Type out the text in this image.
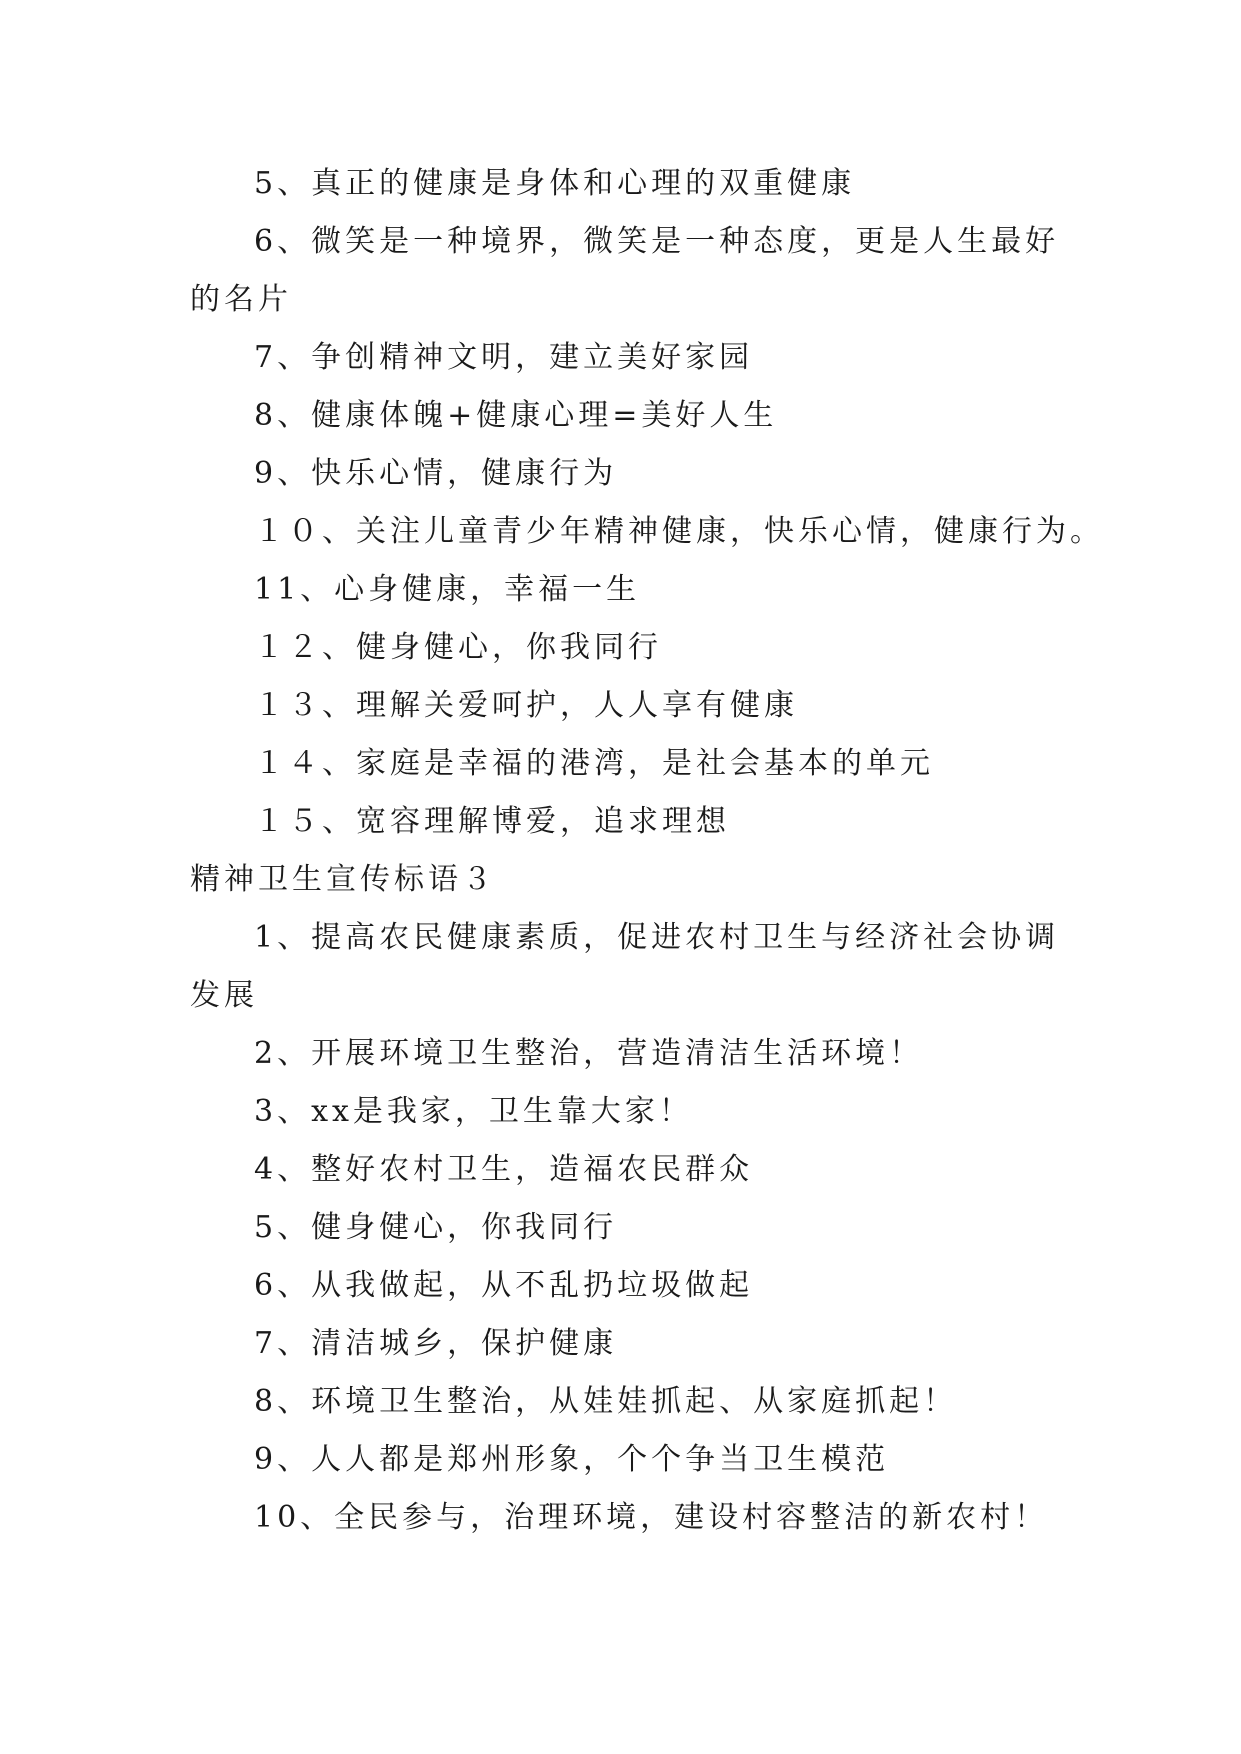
5、真正的健康是身体和心理的双重健康
6、微笑是一种境界，微笑是一种态度，更是人生最好
的名片
7、争创精神文明，建立美好家园
8、健康体魄+健康心理=美好人生
9、快乐心情，健康行为
１０、关注儿童青少年精神健康，快乐心情，健康行为。
11、心身健康，幸福一生
１２、健身健心，你我同行
１３、理解关爱呵护，人人享有健康
１４、家庭是幸福的港湾，是社会基本的单元
１５、宽容理解博爱，追求理想
精神卫生宣传标语３
1、提高农民健康素质，促进农村卫生与经济社会协调
发展
2、开展环境卫生整治，营造清洁生活环境！
3、xx是我家，卫生靠大家！
4、整好农村卫生，造福农民群众
5、健身健心，你我同行
6、从我做起，从不乱扔垃圾做起
7、清洁城乡，保护健康
8、环境卫生整治，从娃娃抓起、从家庭抓起！
9、人人都是郑州形象，个个争当卫生模范
10、全民参与，治理环境，建设村容整洁的新农村！
